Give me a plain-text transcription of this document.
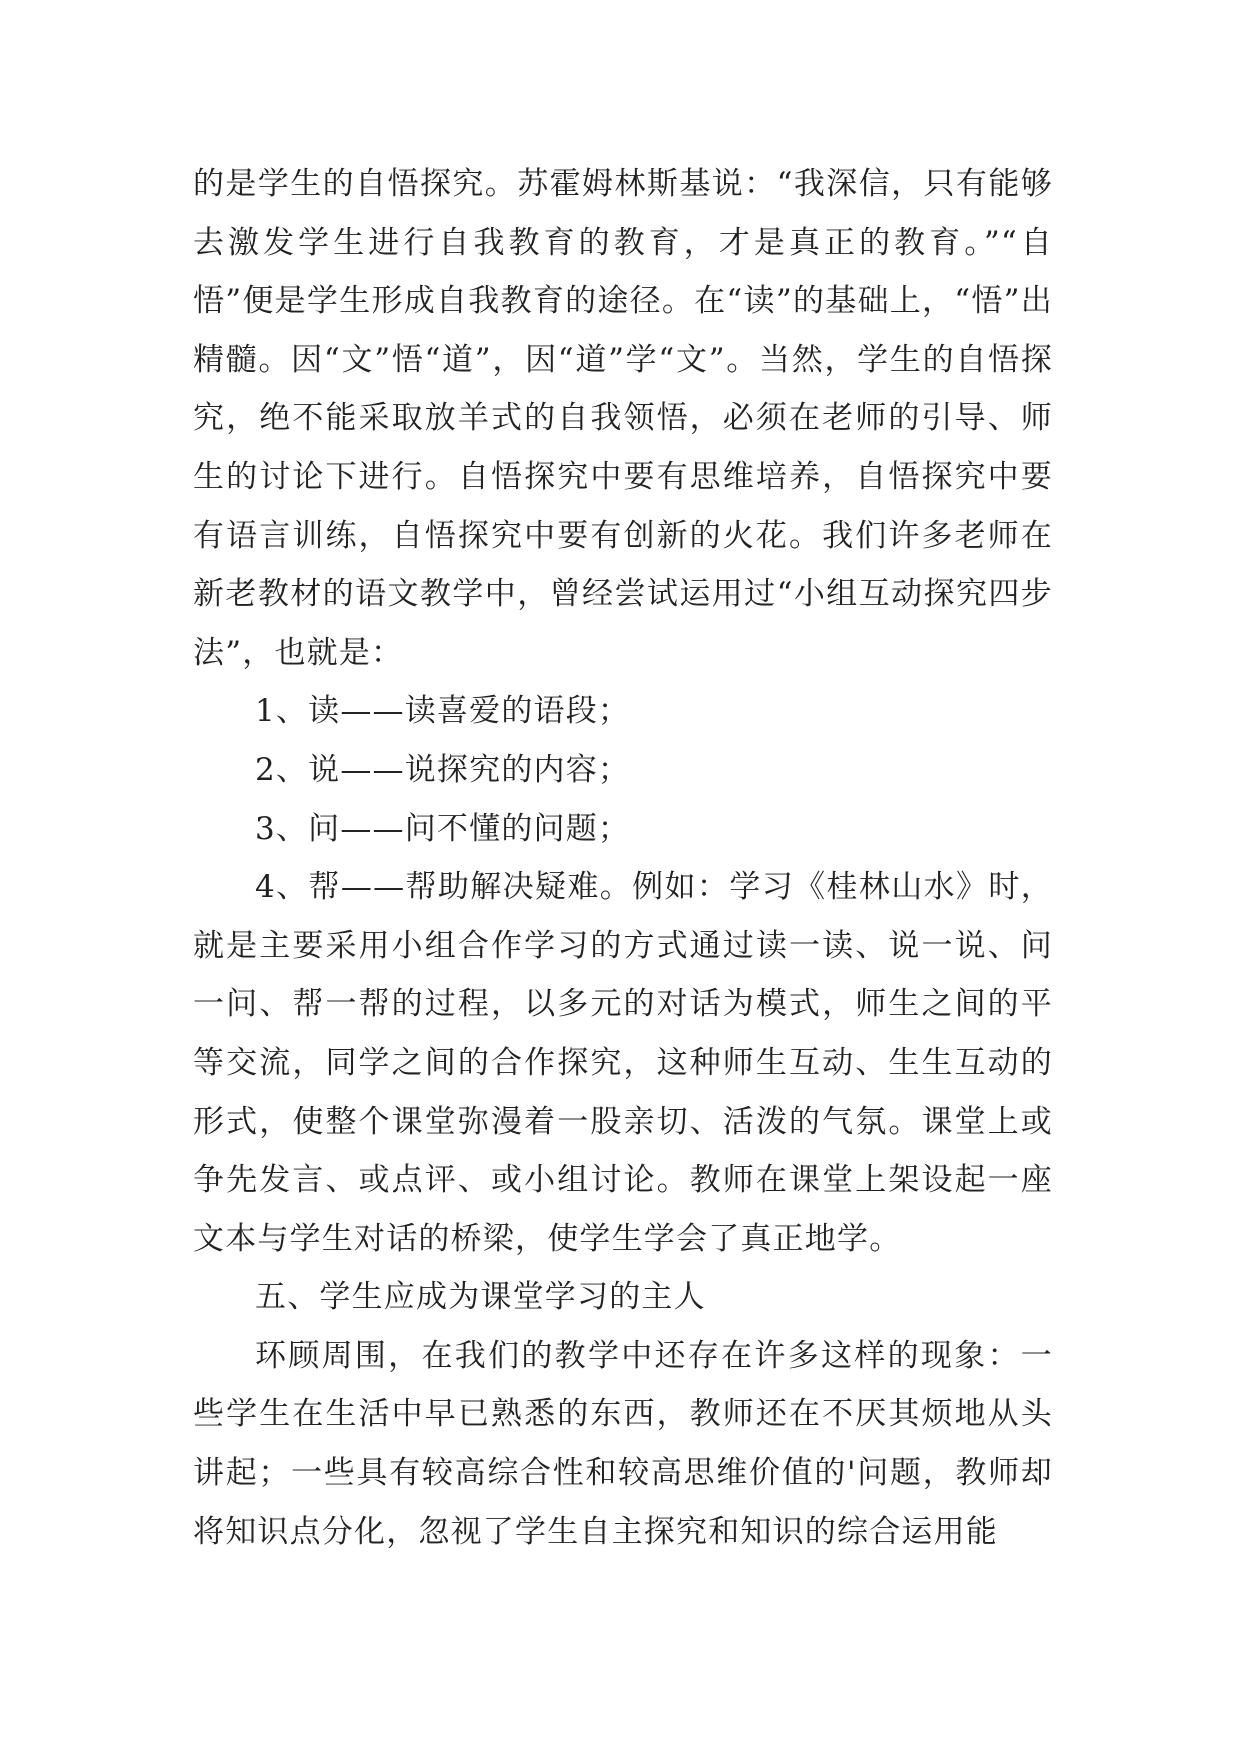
的是学生的自悟探究。苏霍姆林斯基说：“我深信，只有能够去激发学生进行自我教育的教育，才是真正的教育。”“自悟”便是学生形成自我教育的途径。在“读”的基础上，“悟”出精髓。因“文”悟“道”，因“道”学“文”。当然，学生的自悟探究，绝不能采取放羊式的自我领悟，必须在老师的引导、师生的讨论下进行。自悟探究中要有思维培养，自悟探究中要有语言训练，自悟探究中要有创新的火花。我们许多老师在新老教材的语文教学中，曾经尝试运用过“小组互动探究四步法”，也就是：

1、读——读喜爱的语段；

2、说——说探究的内容；

3、问——问不懂的问题；

4、帮——帮助解决疑难。例如：学习《桂林山水》时，就是主要采用小组合作学习的方式通过读一读、说一说、问一问、帮一帮的过程，以多元的对话为模式，师生之间的平等交流，同学之间的合作探究，这种师生互动、生生互动的形式，使整个课堂弥漫着一股亲切、活泼的气氛。课堂上或争先发言、或点评、或小组讨论。教师在课堂上架设起一座文本与学生对话的桥梁，使学生学会了真正地学。

五、学生应成为课堂学习的主人

环顾周围，在我们的教学中还存在许多这样的现象：一些学生在生活中早已熟悉的东西，教师还在不厌其烦地从头讲起；一些具有较高综合性和较高思维价值的'问题，教师却将知识点分化，忽视了学生自主探究和知识的综合运用能
